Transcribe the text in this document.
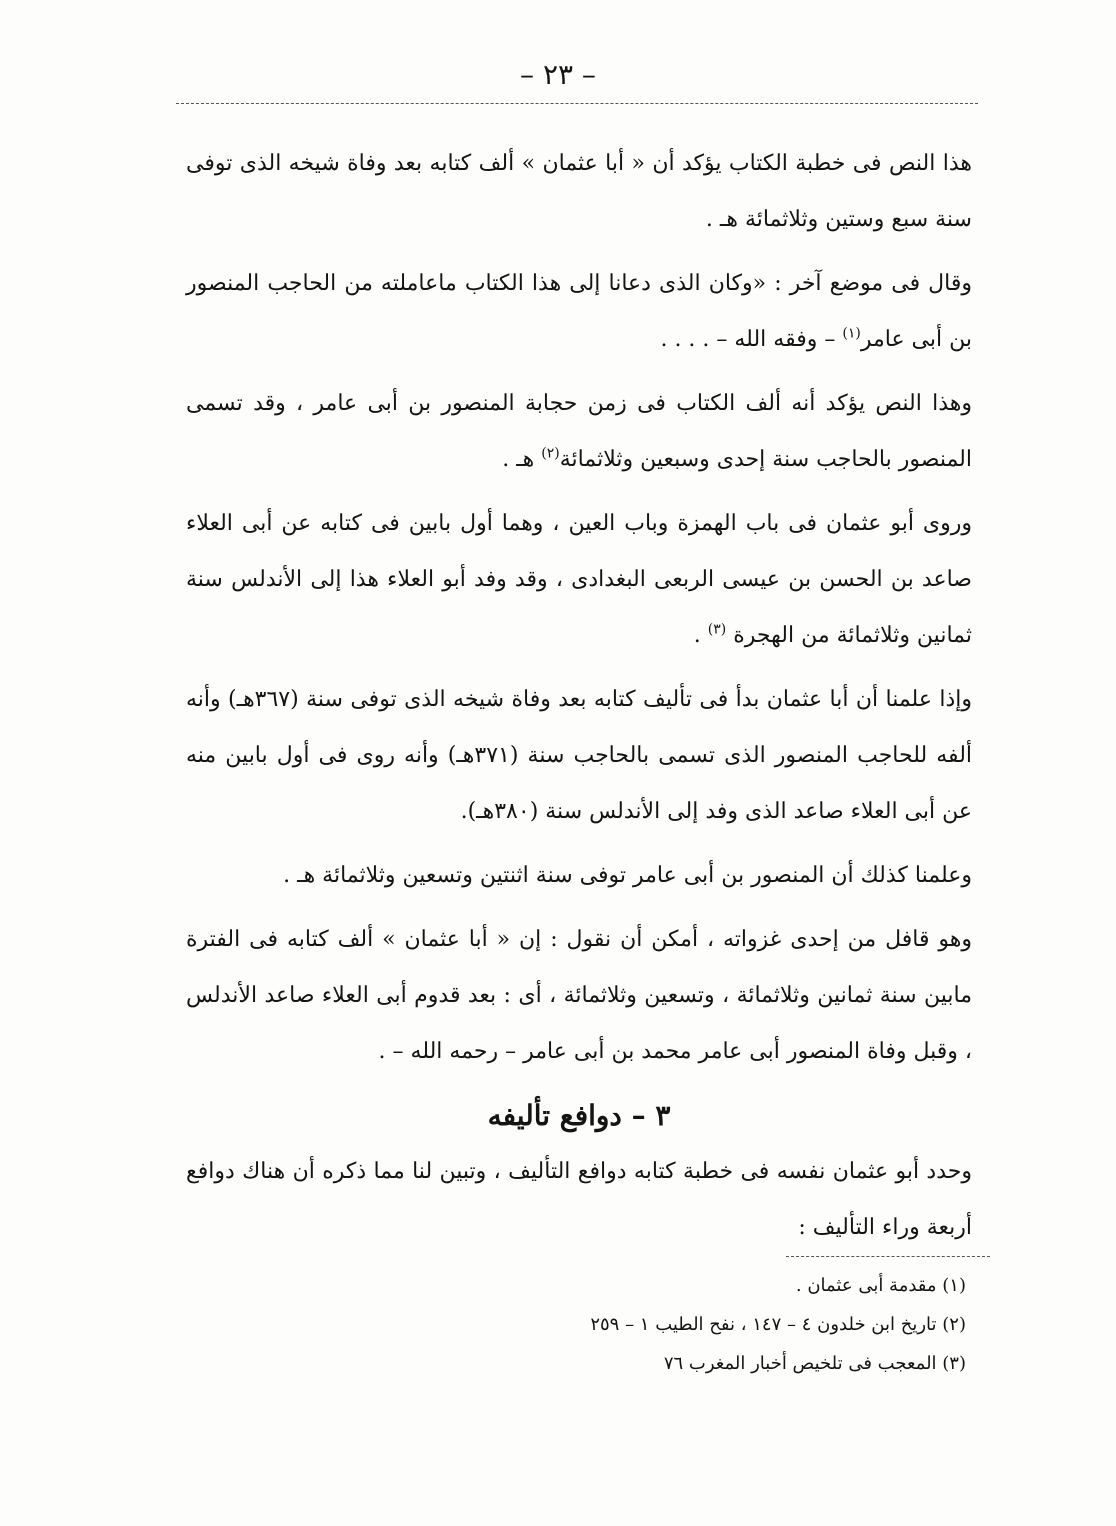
– ٢٣ –

هذا النص فى خطبة الكتاب يؤكد أن « أبا عثمان » ألف كتابه بعد وفاة شيخه الذى توفى سنة سبع وستين وثلاثمائة هـ .

وقال فى موضع آخر : «وكان الذى دعانا إلى هذا الكتاب ماعاملته من الحاجب المنصور بن أبى عامر$^{(١)}$ – وفقه الله – . . . .

وهذا النص يؤكد أنه ألف الكتاب فى زمن حجابة المنصور بن أبى عامر ، وقد تسمى المنصور بالحاجب سنة إحدى وسبعين وثلاثمائة$^{(٢)}$ هـ .

وروى أبو عثمان فى باب الهمزة وباب العين ، وهما أول بابين فى كتابه عن أبى العلاء صاعد بن الحسن بن عيسى الربعى البغدادى ، وقد وفد أبو العلاء هذا إلى الأندلس سنة ثمانين وثلاثمائة من الهجرة $^{(٣)}$ .

وإذا علمنا أن أبا عثمان بدأ فى تأليف كتابه بعد وفاة شيخه الذى توفى سنة (٣٦٧هـ) وأنه ألفه للحاجب المنصور الذى تسمى بالحاجب سنة (٣٧١هـ) وأنه روى فى أول بابين منه عن أبى العلاء صاعد الذى وفد إلى الأندلس سنة (٣٨٠هـ).

وعلمنا كذلك أن المنصور بن أبى عامر توفى سنة اثنتين وتسعين وثلاثمائة هـ .

وهو قافل من إحدى غزواته ، أمكن أن نقول : إن « أبا عثمان » ألف كتابه فى الفترة مابين سنة ثمانين وثلاثمائة ، وتسعين وثلاثمائة ، أى : بعد قدوم أبى العلاء صاعد الأندلس ، وقبل وفاة المنصور أبى عامر محمد بن أبى عامر – رحمه الله – .

٣ – دوافع تأليفه

وحدد أبو عثمان نفسه فى خطبة كتابه دوافع التأليف ، وتبين لنا مما ذكره أن هناك دوافع أربعة وراء التأليف :

(١) مقدمة أبى عثمان .

(٢) تاريخ ابن خلدون ٤ – ١٤٧ ، نفح الطيب ١ – ٢٥٩

(٣) المعجب فى تلخيص أخبار المغرب ٧٦
